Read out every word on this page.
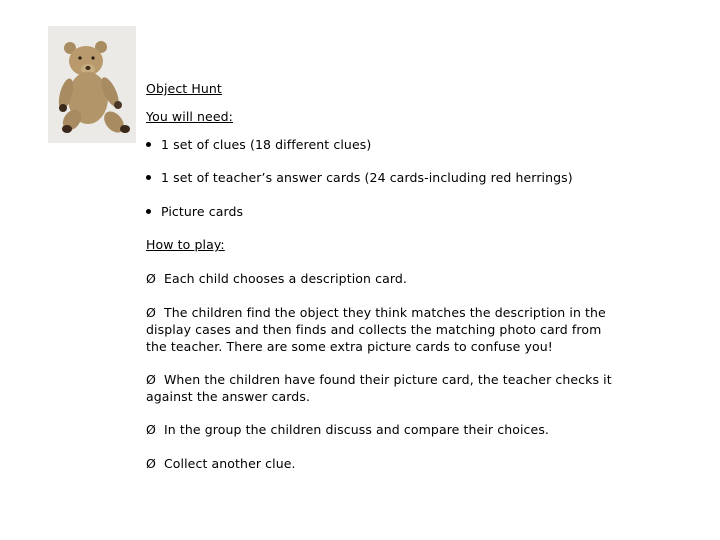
Object Hunt
You will need:
1 set of clues (18 different clues)
1 set of teacher’s answer cards (24 cards-including red herrings)
Picture cards
How to play:
Ø Each child chooses a description card.
Ø The children find the object they think matches the description in the display cases and then finds and collects the matching photo card from the teacher. There are some extra picture cards to confuse you!
Ø When the children have found their picture card, the teacher checks it against the answer cards.
Ø In the group the children discuss and compare their choices.
Ø Collect another clue.
